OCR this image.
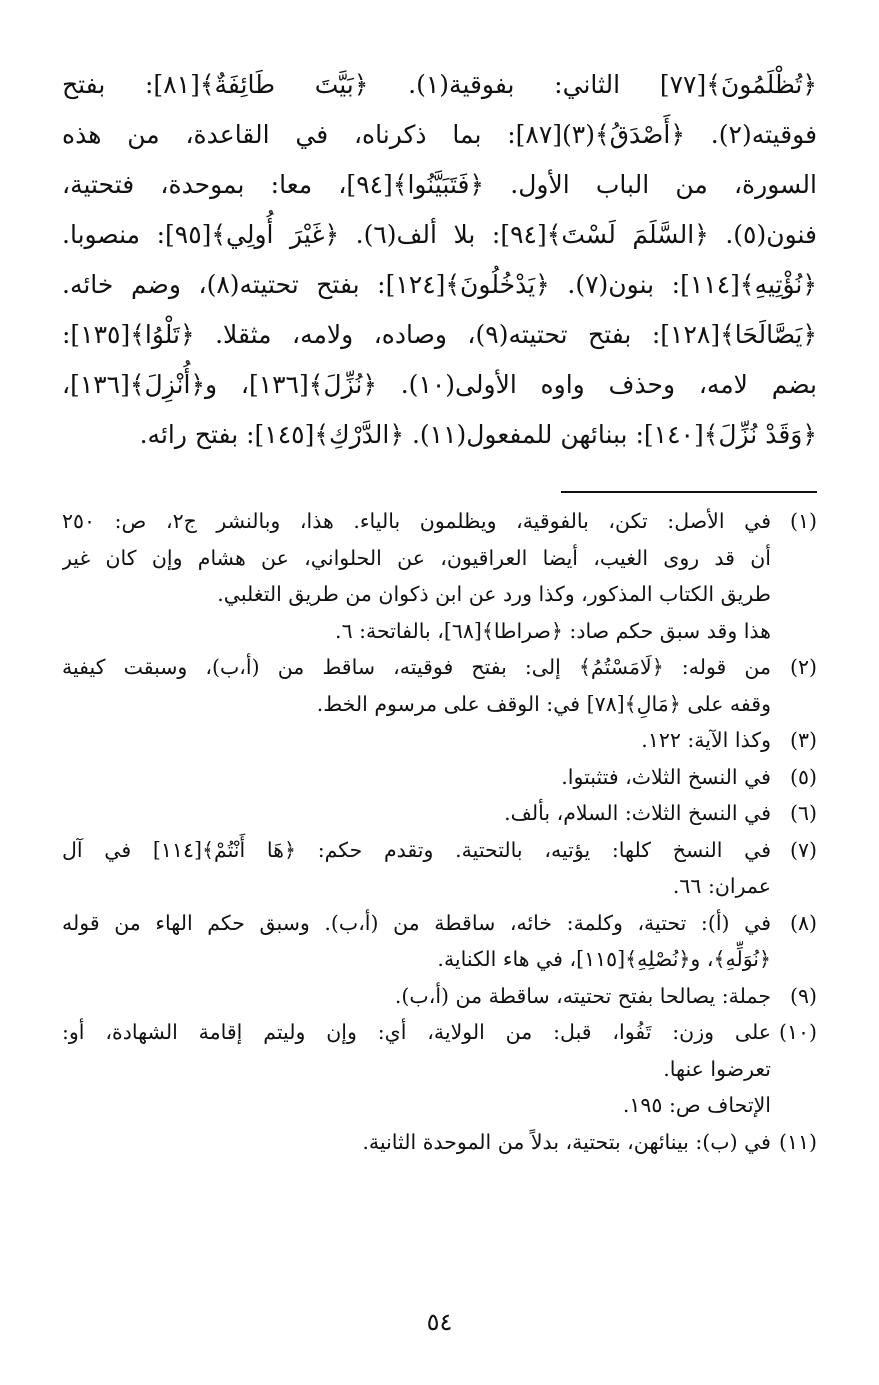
﴿تُظْلَمُونَ﴾[٧٧] الثاني: بفوقية(١). ﴿بَيَّتَ طَائِفَةٌ﴾[٨١]: بفتح
فوقيته(٢). ﴿أَصْدَقُ﴾(٣)[٨٧]: بما ذكرناه، في القاعدة، من هذه
السورة، من الباب الأول. ﴿فَتَبَيَّنُوا﴾[٩٤]، معا: بموحدة، فتحتية،
فنون(٥). ﴿السَّلَمَ لَسْتَ﴾[٩٤]: بلا ألف(٦). ﴿غَيْرَ أُولِي﴾[٩٥]: منصوبا.
﴿نُؤْتِيهِ﴾[١١٤]: بنون(٧). ﴿يَدْخُلُونَ﴾[١٢٤]: بفتح تحتيته(٨)، وضم خائه.
﴿يَصَّالَحَا﴾[١٢٨]: بفتح تحتيته(٩)، وصاده، ولامه، مثقلا. ﴿تَلْوُا﴾[١٣٥]:
بضم لامه، وحذف واوه الأولى(١٠). ﴿نُزِّلَ﴾[١٣٦]، و﴿أُنْزِلَ﴾[١٣٦]،
﴿وَقَدْ نُزِّلَ﴾[١٤٠]: ببنائهن للمفعول(١١). ﴿الدَّرْكِ﴾[١٤٥]: بفتح رائه.
(١)
في الأصل: تكن، بالفوقية، ويظلمون بالياء. هذا، وبالنشر ج٢، ص: ٢٥٠
أن قد روى الغيب، أيضا العراقيون، عن الحلواني، عن هشام وإن كان غير
طريق الكتاب المذكور، وكذا ورد عن ابن ذكوان من طريق التغلبي.
هذا وقد سبق حكم صاد: ﴿صراطا﴾[٦٨]، بالفاتحة: ٦.
(٢)
من قوله: ﴿لَامَسْتُمُ﴾ إلى: بفتح فوقيته، ساقط من (أ،ب)، وسبقت كيفية
وقفه على ﴿مَالِ﴾[٧٨] في: الوقف على مرسوم الخط.
(٣)
وكذا الآية: ١٢٢.
(٥)
في النسخ الثلاث، فتثبتوا.
(٦)
في النسخ الثلاث: السلام، بألف.
(٧)
في النسخ كلها: يؤتيه، بالتحتية. وتقدم حكم: ﴿هَا أَنْتُمْ﴾[١١٤] في آل
عمران: ٦٦.
(٨)
في (أ): تحتية، وكلمة: خائه، ساقطة من (أ،ب). وسبق حكم الهاء من قوله
﴿نُوَلِّهِ﴾، و﴿نُصْلِهِ﴾[١١٥]، في هاء الكناية.
(٩)
جملة: يصالحا بفتح تحتيته، ساقطة من (أ،ب).
(١٠)
على وزن: تَفُوا، قبل: من الولاية، أي: وإن وليتم إقامة الشهادة، أو:
تعرضوا عنها.
الإتحاف ص: ١٩٥.
(١١)
في (ب): بينائهن، بتحتية، بدلاً من الموحدة الثانية.
٥٤
